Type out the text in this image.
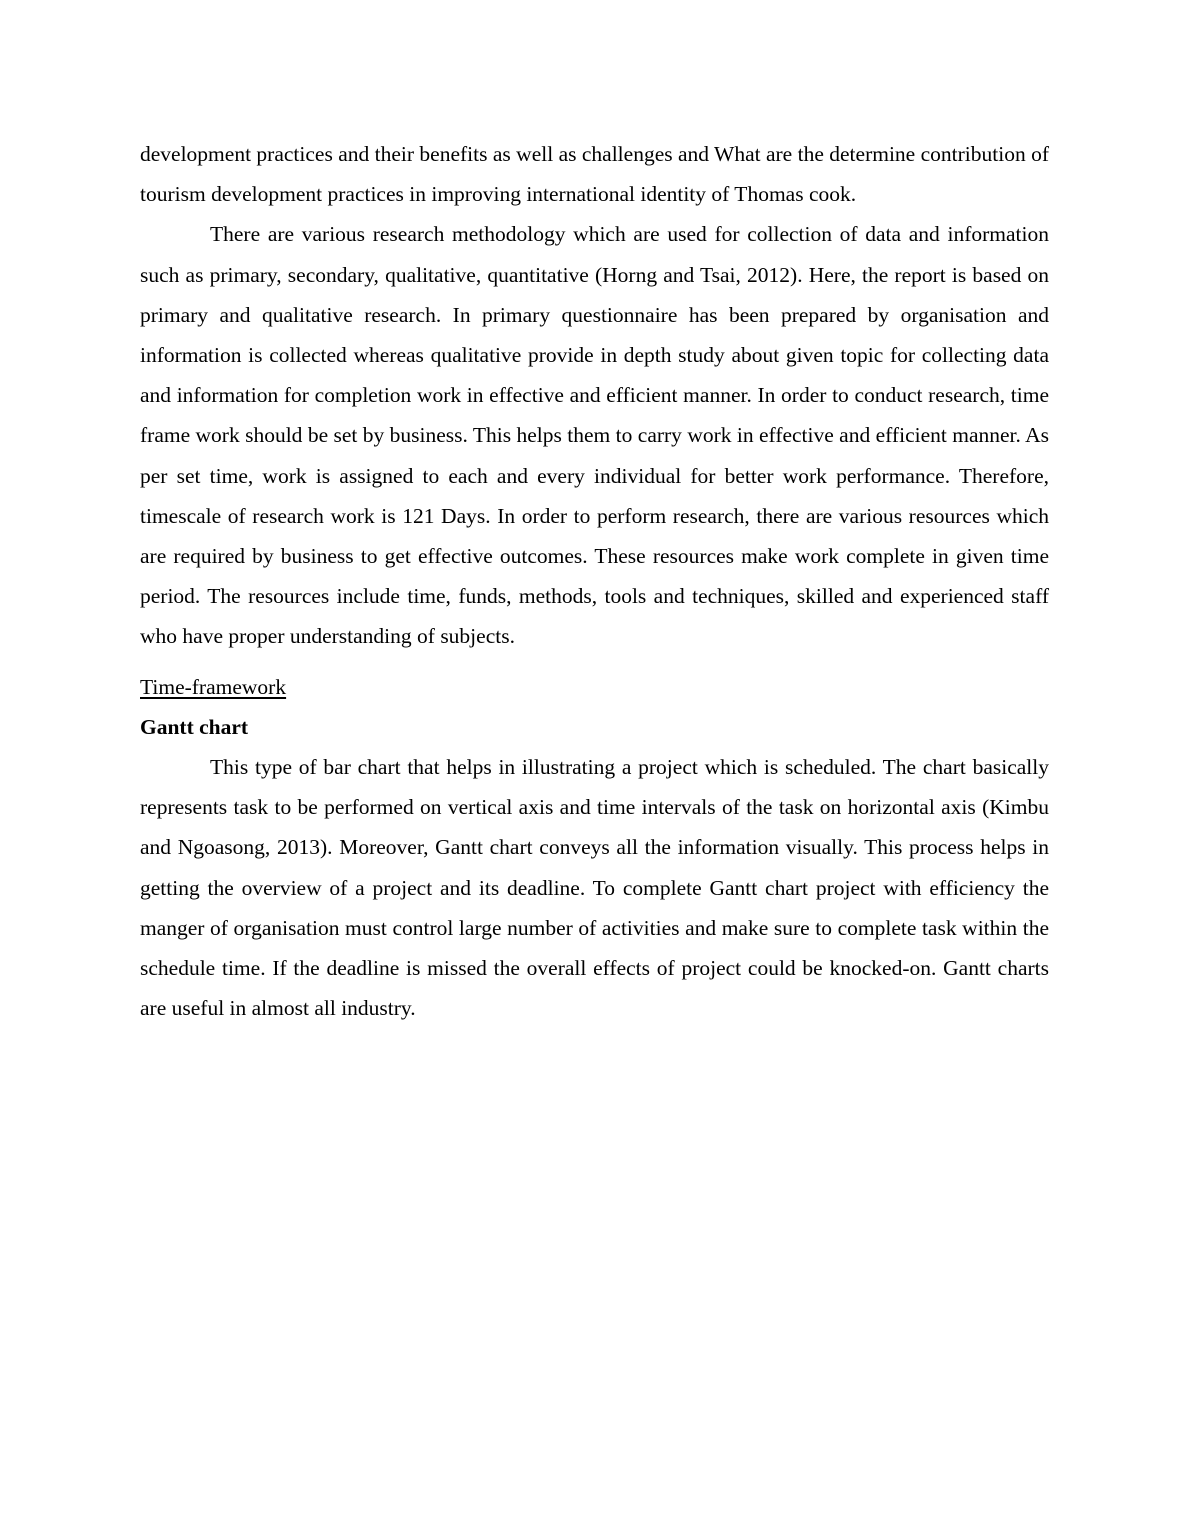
development practices and their benefits as well as challenges and What are the determine contribution of tourism development practices in improving international identity of Thomas cook.

There are various research methodology which are used for collection of data and information such as primary, secondary, qualitative, quantitative (Horng and Tsai, 2012). Here, the report is based on primary and qualitative research. In primary questionnaire has been prepared by organisation and information is collected whereas qualitative provide in depth study about given topic for collecting data and information for completion work in effective and efficient manner. In order to conduct research, time frame work should be set by business. This helps them to carry work in effective and efficient manner. As per set time, work is assigned to each and every individual for better work performance. Therefore, timescale of research work is 121 Days. In order to perform research, there are various resources which are required by business to get effective outcomes. These resources make work complete in given time period. The resources include time, funds, methods, tools and techniques, skilled and experienced staff who have proper understanding of subjects.

Time-framework

Gantt chart

This type of bar chart that helps in illustrating a project which is scheduled. The chart basically represents task to be performed on vertical axis and time intervals of the task on horizontal axis (Kimbu and Ngoasong, 2013). Moreover, Gantt chart conveys all the information visually. This process helps in getting the overview of a project and its deadline. To complete Gantt chart project with efficiency the manger of organisation must control large number of activities and make sure to complete task within the schedule time. If the deadline is missed the overall effects of project could be knocked-on. Gantt charts are useful in almost all industry.
